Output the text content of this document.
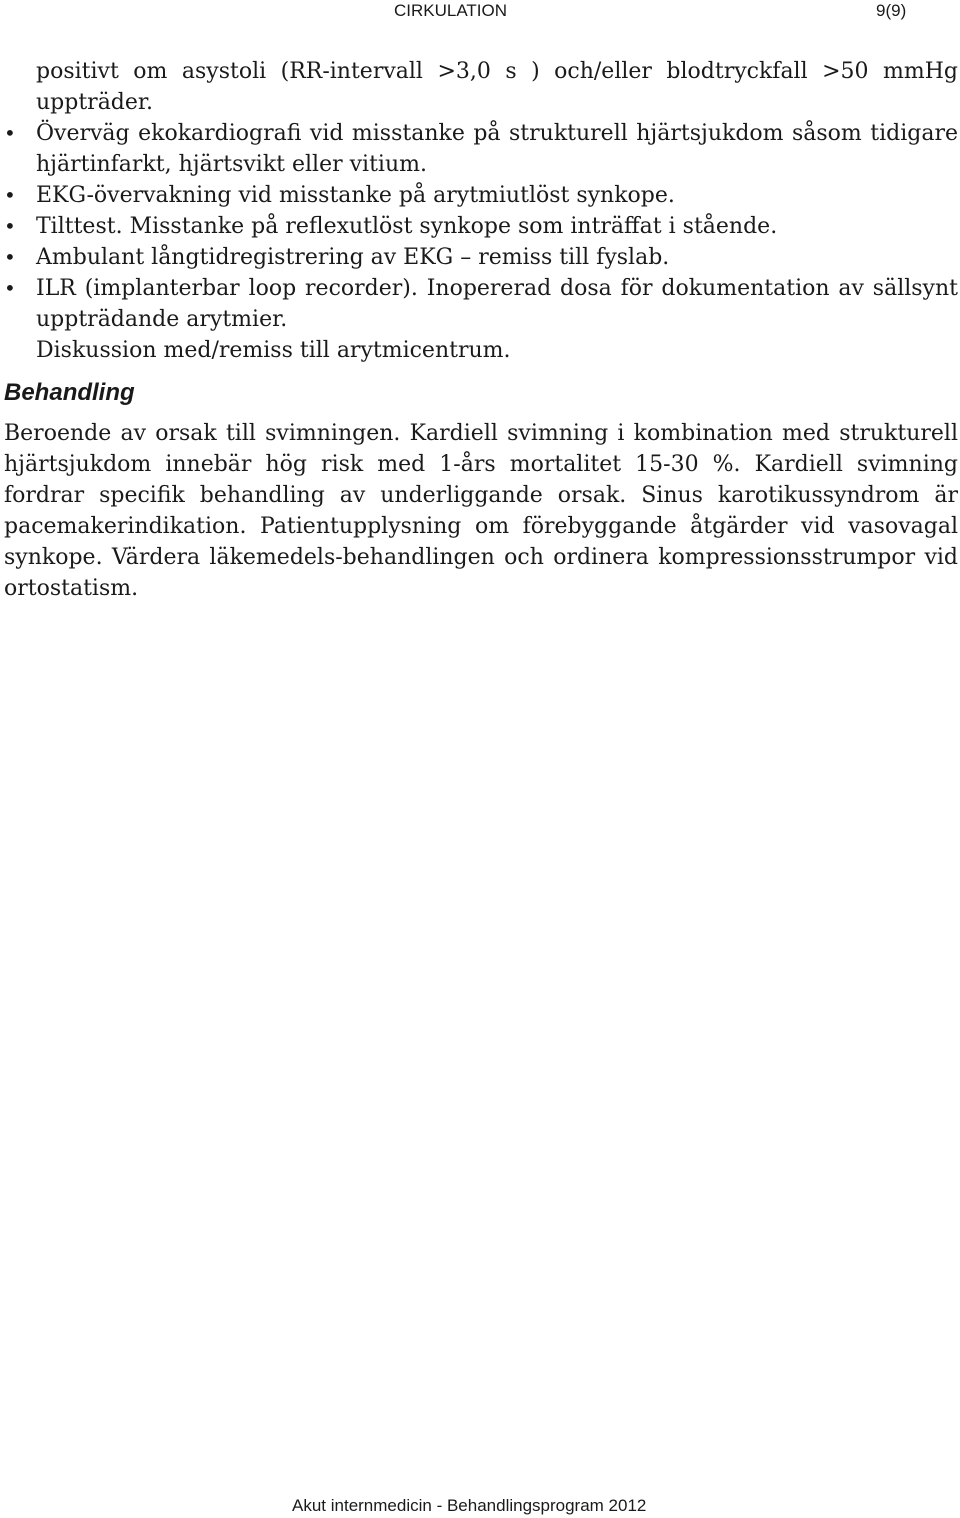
CIRKULATION	9(9)

positivt om asystoli (RR-intervall >3,0 s ) och/eller blodtryckfall >50 mmHg uppträder.

• Överväg ekokardiografi vid misstanke på strukturell hjärtsjukdom såsom tidigare hjärtinfarkt, hjärtsvikt eller vitium.
• EKG-övervakning vid misstanke på arytmiutlöst synkope.
• Tilttest. Misstanke på reflexutlöst synkope som inträffat i stående.
• Ambulant långtidregistrering av EKG – remiss till fyslab.
• ILR (implanterbar loop recorder). Inopererad dosa för dokumentation av sällsynt uppträdande arytmier.

Diskussion med/remiss till arytmicentrum.

Behandling

Beroende av orsak till svimningen. Kardiell svimning i kombination med strukturell hjärtsjukdom innebär hög risk med 1-års mortalitet 15-30 %. Kardiell svimning fordrar specifik behandling av underliggande orsak. Sinus karotikussyndrom är pacemakerindikation. Patientupplysning om förebyggande åtgärder vid vasovagal synkope. Värdera läkemedels-behandlingen och ordinera kompressionsstrumpor vid ortostatism.

Akut internmedicin - Behandlingsprogram 2012
